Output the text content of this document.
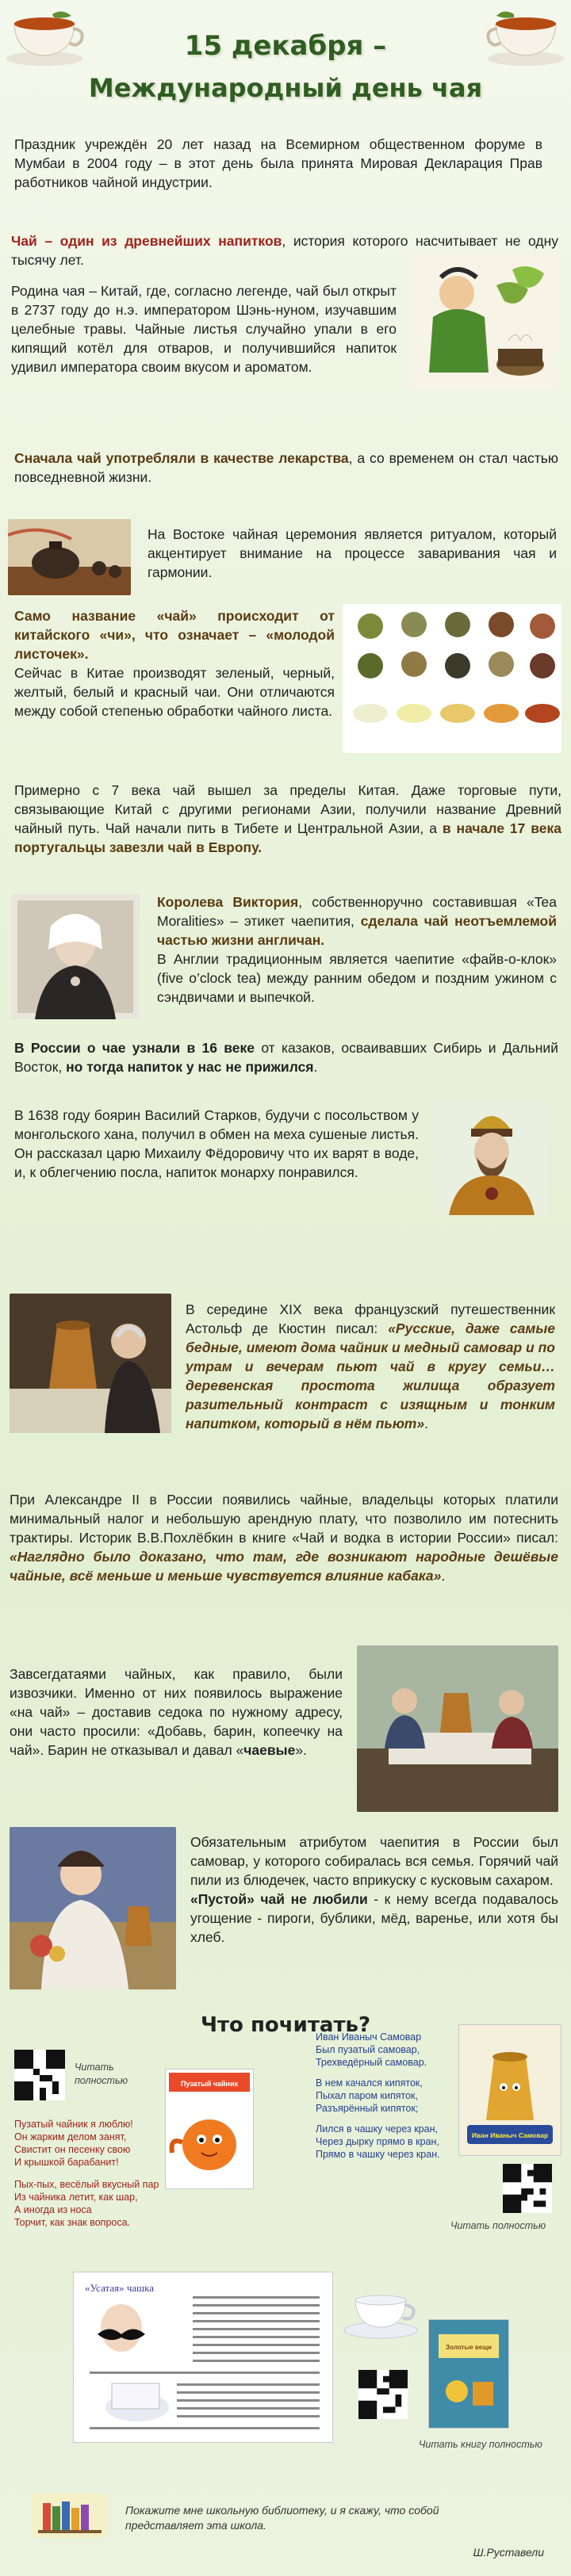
15 декабря –
Международный день чая
Праздник учреждён 20 лет назад на Всемирном общественном форуме в Мумбаи в 2004 году – в этот день была принята Мировая Декларация Прав работников чайной индустрии.
Чай – один из древнейших напитков, история которого насчитывает не одну тысячу лет.
Родина чая – Китай, где, согласно легенде, чай был открыт в 2737 году до н.э. императором Шэнь-нуном, изучавшим целебные травы. Чайные листья случайно упали в его кипящий котёл для отваров, и получившийся напиток удивил императора своим вкусом и ароматом.
Сначала чай употребляли в качестве лекарства, а со временем он стал частью повседневной жизни.
На Востоке чайная церемония является ритуалом, который акцентирует внимание на процессе заваривания чая и гармонии.
Само название «чай» происходит от китайского «чи», что означает – «молодой листочек».
Сейчас в Китае производят зеленый, черный, желтый, белый и красный чаи. Они отличаются между собой степенью обработки чайного листа.
Примерно с 7 века чай вышел за пределы Китая. Даже торговые пути, связывающие Китай с другими регионами Азии, получили название Древний чайный путь. Чай начали пить в Тибете и Центральной Азии, а в начале 17 века португальцы завезли чай в Европу.
Королева Виктория, собственноручно составившая «Tea Moralities» – этикет чаепития, сделала чай неотъемлемой частью жизни англичан.
В Англии традиционным является чаепитие «файв-о-клок» (five o’clock tea) между ранним обедом и поздним ужином с сэндвичами и выпечкой.
В России о чае узнали в 16 веке от казаков, осваивавших Сибирь и Дальний Восток, но тогда напиток у нас не прижился.
В 1638 году боярин Василий Старков, будучи с посольством у монгольского хана, получил в обмен на меха сушеные листья. Он рассказал царю Михаилу Фёдоровичу что их варят в воде, и, к облегчению посла, напиток монарху понравился.
В середине XIX века французский путешественник Астольф де Кюстин писал: «Русские, даже самые бедные, имеют дома чайник и медный самовар и по утрам и вечерам пьют чай в кругу семьи… деревенская простота жилища образует разительный контраст с изящным и тонким напитком, который в нём пьют».
При Александре II в России появились чайные, владельцы которых платили минимальный налог и небольшую арендную плату, что позволило им потеснить трактиры. Историк В.В.Похлёбкин в книге «Чай и водка в истории России» писал: «Наглядно было доказано, что там, где возникают народные дешёвые чайные, всё меньше и меньше чувствуется влияние кабака».
Завсегдатаями чайных, как правило, были извозчики. Именно от них появилось выражение «на чай» – доставив седока по нужному адресу, они часто просили: «Добавь, барин, копеечку на чай». Барин не отказывал и давал «чаевые».
Обязательным атрибутом чаепития в России был самовар, у которого собиралась вся семья. Горячий чай пили из блюдечек, часто вприкуску с кусковым сахаром.
«Пустой» чай не любили - к нему всегда подавалось угощение - пироги, бублики, мёд, варенье, или хотя бы хлеб.
Что почитать?
Читать полностью
Пузатый чайник я люблю!
Он жарким делом занят,
Свистит он песенку свою
И крышкой барабанит!
Пых-пых, весёлый вкусный пар
Из чайника летит, как шар,
А иногда из носа
Торчит, как знак вопроса.
Пузатый чайник
Иван Иваныч Самовар
Был пузатый самовар,
Трехведёрный самовар.
В нем качался кипяток,
Пыхал паром кипяток,
Разъярённый кипяток;
Лился в чашку через кран,
Через дырку прямо в кран,
Прямо в чашку через кран.
Иван Иваныч Самовар
Читать полностью
«Усатая» чашка
Золотые вещи
Читать книгу полностью
Покажите мне школьную библиотеку, и я скажу, что собой представляет эта школа.
Ш.Руставели
